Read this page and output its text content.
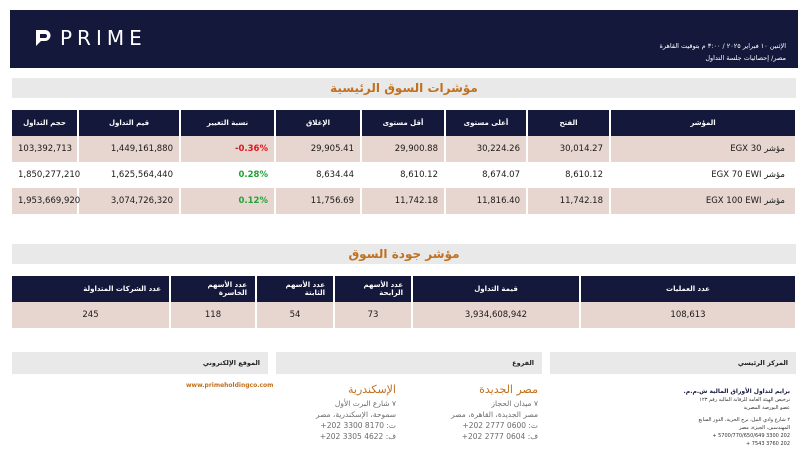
PRIME	الإثنين ١٠ فبراير ٢٠٢٥ / ٣:٠٠ م بتوقيت القاهرة
مصر/ إحصائيات جلسة التداول
مؤشرات السوق الرئيسية
حجم التداول	قيم التداول	نسبة التغيير	الإغلاق	أقل مستوى	أعلى مستوى	الفتح	المؤشر
103,392,713	1,449,161,880	-0.36%	29,905.41	29,900.88	30,224.26	30,014.27	مؤشر EGX 30
1,850,277,210	1,625,564,440	0.28%	8,634.44	8,610.12	8,674.07	8,610.12	مؤشر EGX 70 EWI
1,953,669,920	3,074,726,320	0.12%	11,756.69	11,742.18	11,816.40	11,742.18	مؤشر EGX 100 EWI
مؤشر جودة السوق
عدد الشركات المتداولة	عدد الأسهم الخاسرة	عدد الأسهم الثابتة	عدد الأسهم الرابحة	قيمة التداول	عدد العمليات
245	118	54	73	3,934,608,942	108,613
الموقع الإلكتروني	الفروع	المركز الرئيسي
www.primeholdingco.com	الإسكندرية
٧ شارع البرت الأول
سموحة، الإسكندرية، مصر
ت: 8170 3300 202+
ف: 4622 3305 202+
مصر الجديدة
٧ ميدان الحجاز
مصر الجديدة، القاهرة، مصر
ت: 0600 2777 202+
ف: 0604 2777 202+
برايم لتداول الأوراق المالية ش.م.م.
ترخيص الهيئة العامة للرقابة المالية رقم ١٢٣
عضو البورصة المصرية
٢ شارع وادي النيل، برج الحرية، الدور السابع
المهندسين، الجيزة، مصر
202 3300 5700/770/650/649 +
202 3760 7543 +
